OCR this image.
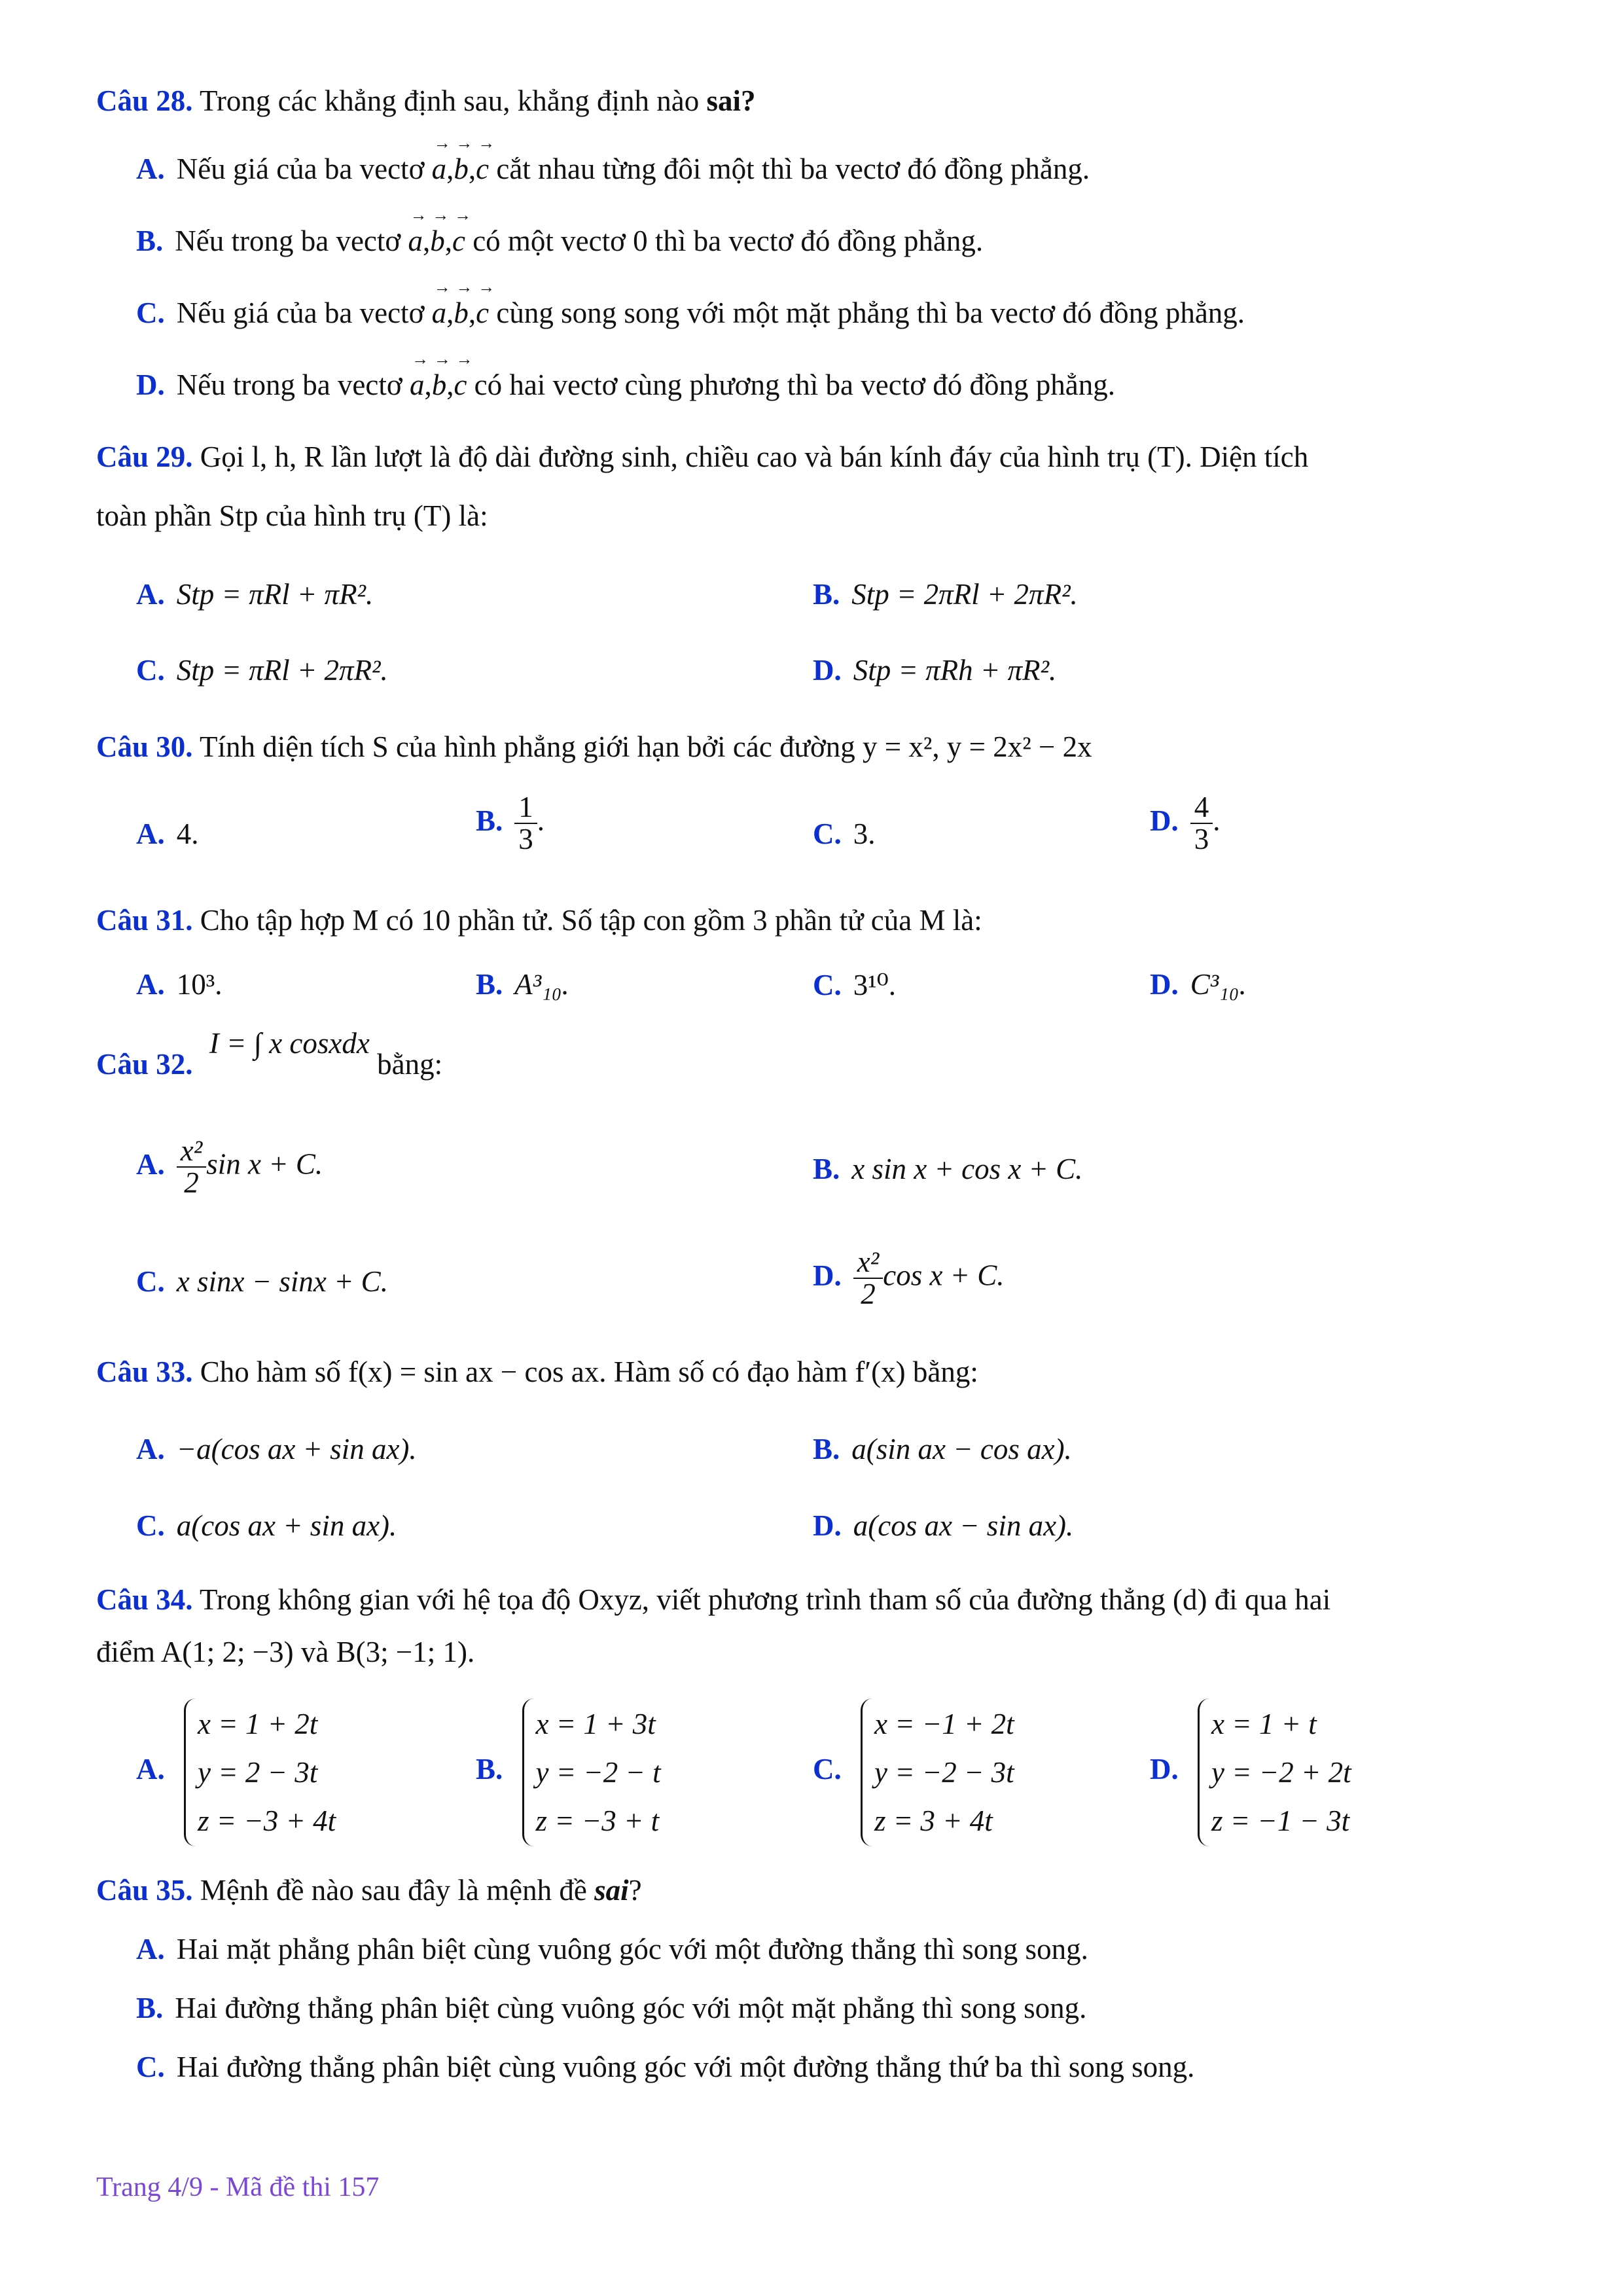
Câu 28. Trong các khẳng định sau, khẳng định nào sai?
A. Nếu giá của ba vectơ → a,→ b,→ c cắt nhau từng đôi một thì ba vectơ đó đồng phẳng.
B. Nếu trong ba vectơ → a,→ b,→ c có một vectơ 0 thì ba vectơ đó đồng phẳng.
C. Nếu giá của ba vectơ → a,→ b,→ c cùng song song với một mặt phẳng thì ba vectơ đó đồng phẳng.
D. Nếu trong ba vectơ → a,→ b,→ c có hai vectơ cùng phương thì ba vectơ đó đồng phẳng.
Câu 29. Gọi l, h, R lần lượt là độ dài đường sinh, chiều cao và bán kính đáy của hình trụ (T). Diện tích
toàn phần Stp của hình trụ (T) là:
A. Stp = πRl + πR².	B. Stp = 2πRl + 2πR².
C. Stp = πRl + 2πR².	D. Stp = πRh + πR².
Câu 30. Tính diện tích S của hình phẳng giới hạn bởi các đường y = x², y = 2x² − 2x
A. 4.	B. $\frac{1}{3}$ .	C. 3.	D. $\frac{4}{3}$ .
Câu 31. Cho tập hợp M có 10 phần tử. Số tập con gồm 3 phần tử của M là:
A. 10³.	B. A³₁₀.	C. 3¹⁰.	D. C³₁₀.
Câu 32. I = ∫ x cosxdx bằng:
A. $\frac{\text{x²}}{2}$ sin x + C.	B. x sin x + cos x + C.
C. x sinx − sinx + C.	D. $\frac{\text{x²}}{2}$ cos x + C.
Câu 33. Cho hàm số f(x) = sin ax − cos ax. Hàm số có đạo hàm f′(x) bằng:
A. −a(cos ax + sin ax).	B. a(sin ax − cos ax).
C. a(cos ax + sin ax).	D. a(cos ax − sin ax).
Câu 34. Trong không gian với hệ tọa độ Oxyz, viết phương trình tham số của đường thẳng (d) đi qua hai
điểm A(1; 2; −3) và B(3; −1; 1).
A.
x = 1 + 2t
y = 2 − 3t
z = −3 + 4t
B.
x = 1 + 3t
y = −2 − t
z = −3 + t
C.
x = −1 + 2t
y = −2 − 3t
z = 3 + 4t
D.
x = 1 + t
y = −2 + 2t
z = −1 − 3t
Câu 35. Mệnh đề nào sau đây là mệnh đề sai?
A. Hai mặt phẳng phân biệt cùng vuông góc với một đường thẳng thì song song.
B. Hai đường thẳng phân biệt cùng vuông góc với một mặt phẳng thì song song.
C. Hai đường thẳng phân biệt cùng vuông góc với một đường thẳng thứ ba thì song song.
Trang 4/9 - Mã đề thi 157
